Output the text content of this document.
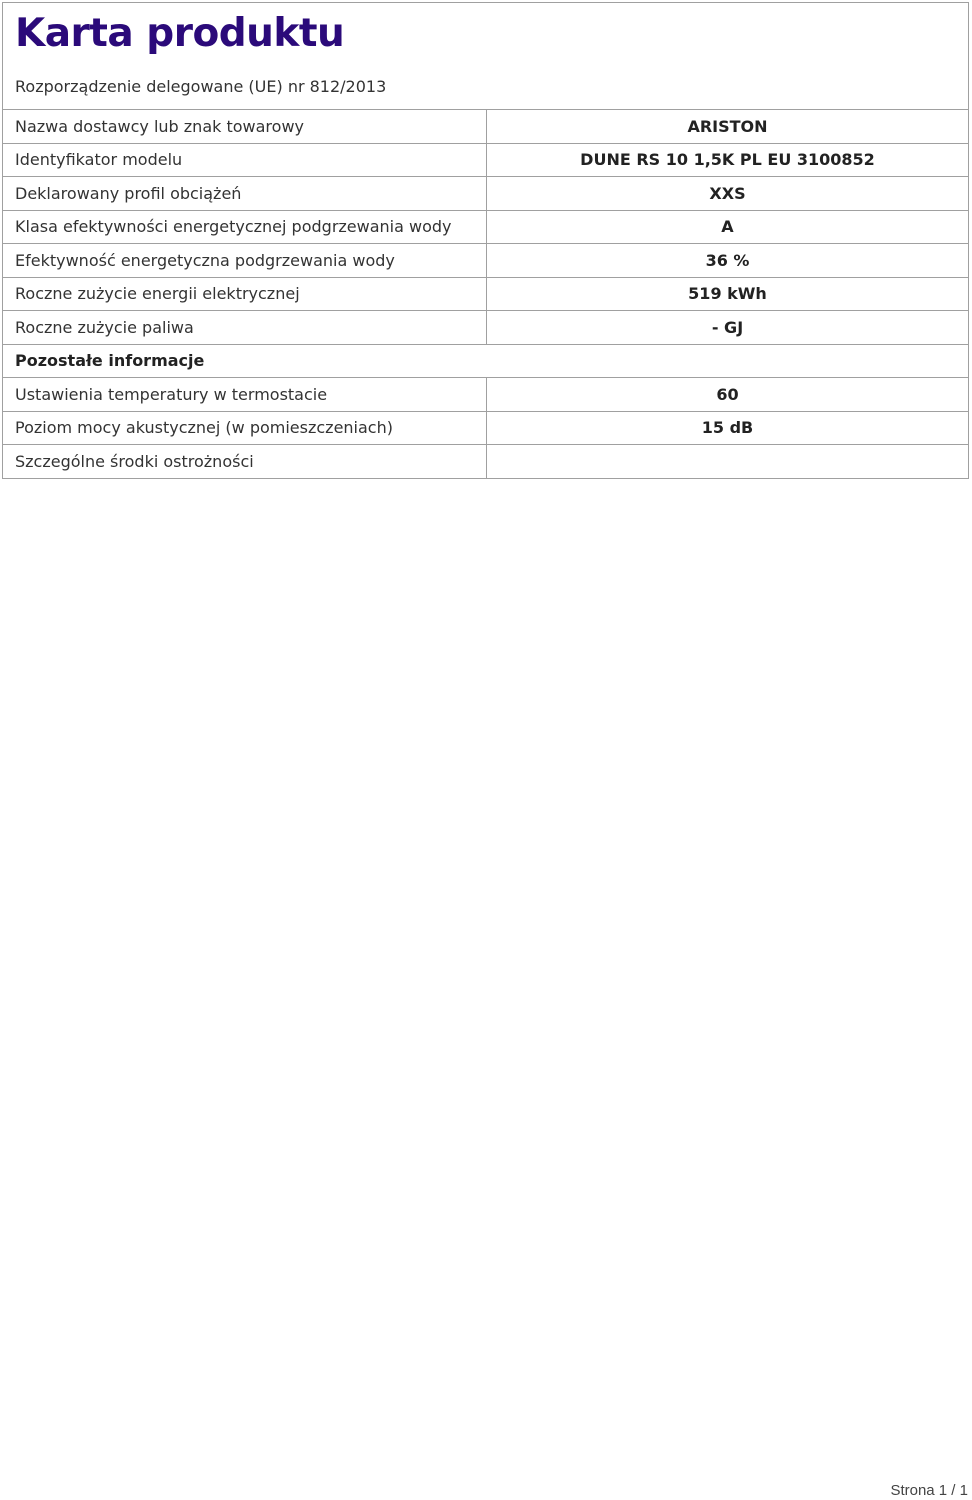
Karta produktu
Rozporządzenie delegowane (UE) nr 812/2013
Nazwa dostawcy lub znak towarowy	ARISTON
Identyfikator modelu	DUNE RS 10 1,5K PL EU 3100852
Deklarowany profil obciążeń	XXS
Klasa efektywności energetycznej podgrzewania wody	A
Efektywność energetyczna podgrzewania wody	36 %
Roczne zużycie energii elektrycznej	519 kWh
Roczne zużycie paliwa	- GJ
Pozostałe informacje	
Ustawienia temperatury w termostacie	60
Poziom mocy akustycznej (w pomieszczeniach)	15 dB
Szczególne środki ostrożności	
Strona 1 / 1
